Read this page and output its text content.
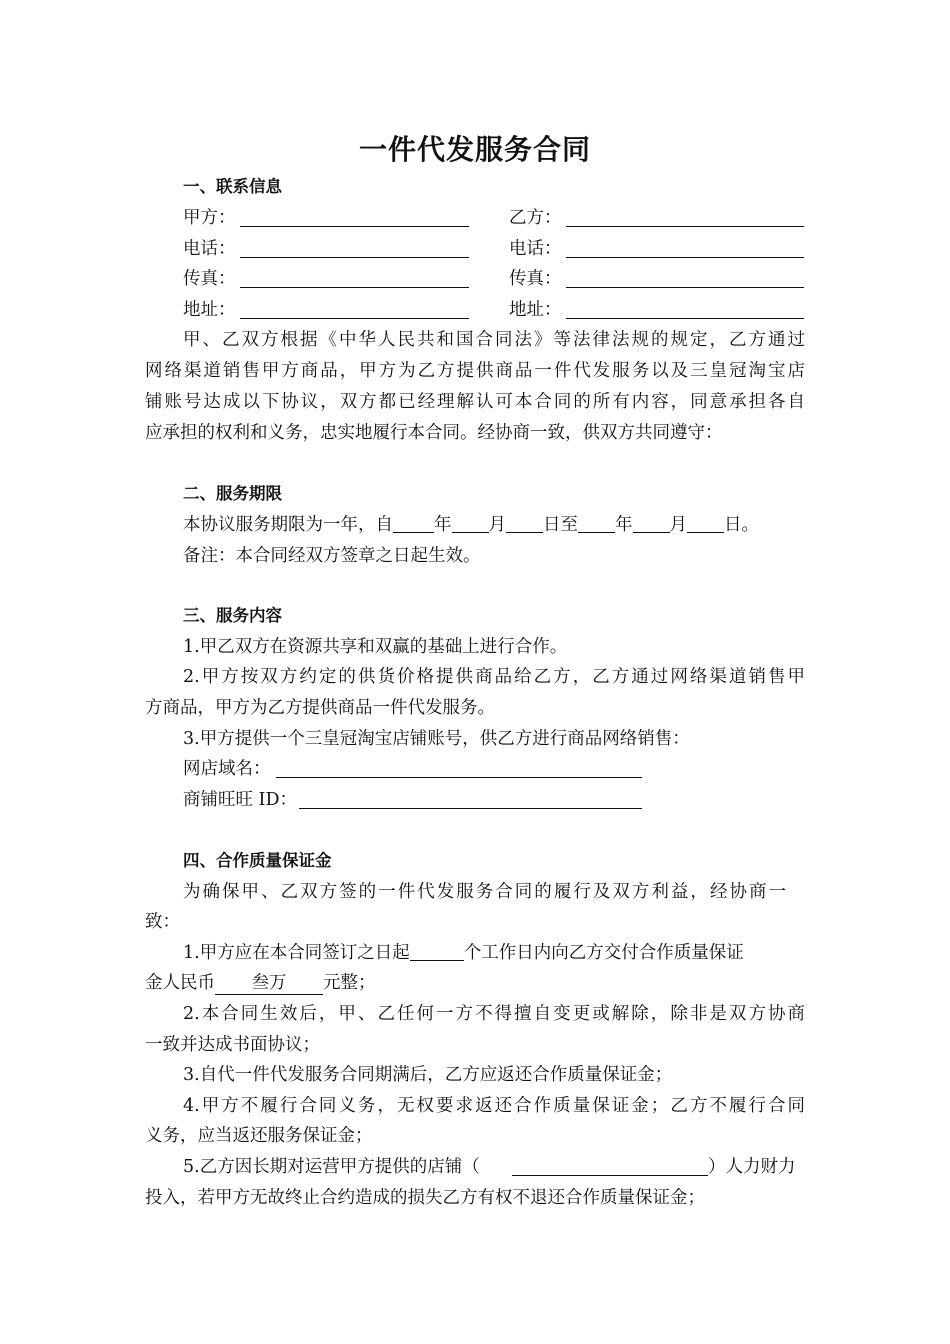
一件代发服务合同
一、联系信息
甲方：	乙方：
电话：	电话：
传真：	传真：
地址：	地址：
甲、乙双方根据《中华人民共和国合同法》等法律法规的规定，乙方通过
网络渠道销售甲方商品，甲方为乙方提供商品一件代发服务以及三皇冠淘宝店
铺账号达成以下协议，双方都已经理解认可本合同的所有内容，同意承担各自
应承担的权利和义务，忠实地履行本合同。经协商一致，供双方共同遵守：
二、服务期限
本协议服务期限为一年，自 年 月 日至 年 月 日。
备注：本合同经双方签章之日起生效。
三、服务内容
1.甲乙双方在资源共享和双赢的基础上进行合作。
2.甲方按双方约定的供货价格提供商品给乙方，乙方通过网络渠道销售甲
方商品，甲方为乙方提供商品一件代发服务。
3.甲方提供一个三皇冠淘宝店铺账号，供乙方进行商品网络销售：
网店域名：
商铺旺旺 ID：
四、合作质量保证金
为确保甲、乙双方签的一件代发服务合同的履行及双方利益，经协商一
致：
1.甲方应在本合同签订之日起	个工作日内向乙方交付合作质量保证
金人民币 叁万 元整；
2.本合同生效后，甲、乙任何一方不得擅自变更或解除，除非是双方协商
一致并达成书面协议；
3.自代一件代发服务合同期满后，乙方应返还合作质量保证金；
4.甲方不履行合同义务，无权要求返还合作质量保证金；乙方不履行合同
义务，应当返还服务保证金；
5.乙方因长期对运营甲方提供的店铺（	）人力财力
投入，若甲方无故终止合约造成的损失乙方有权不退还合作质量保证金；
